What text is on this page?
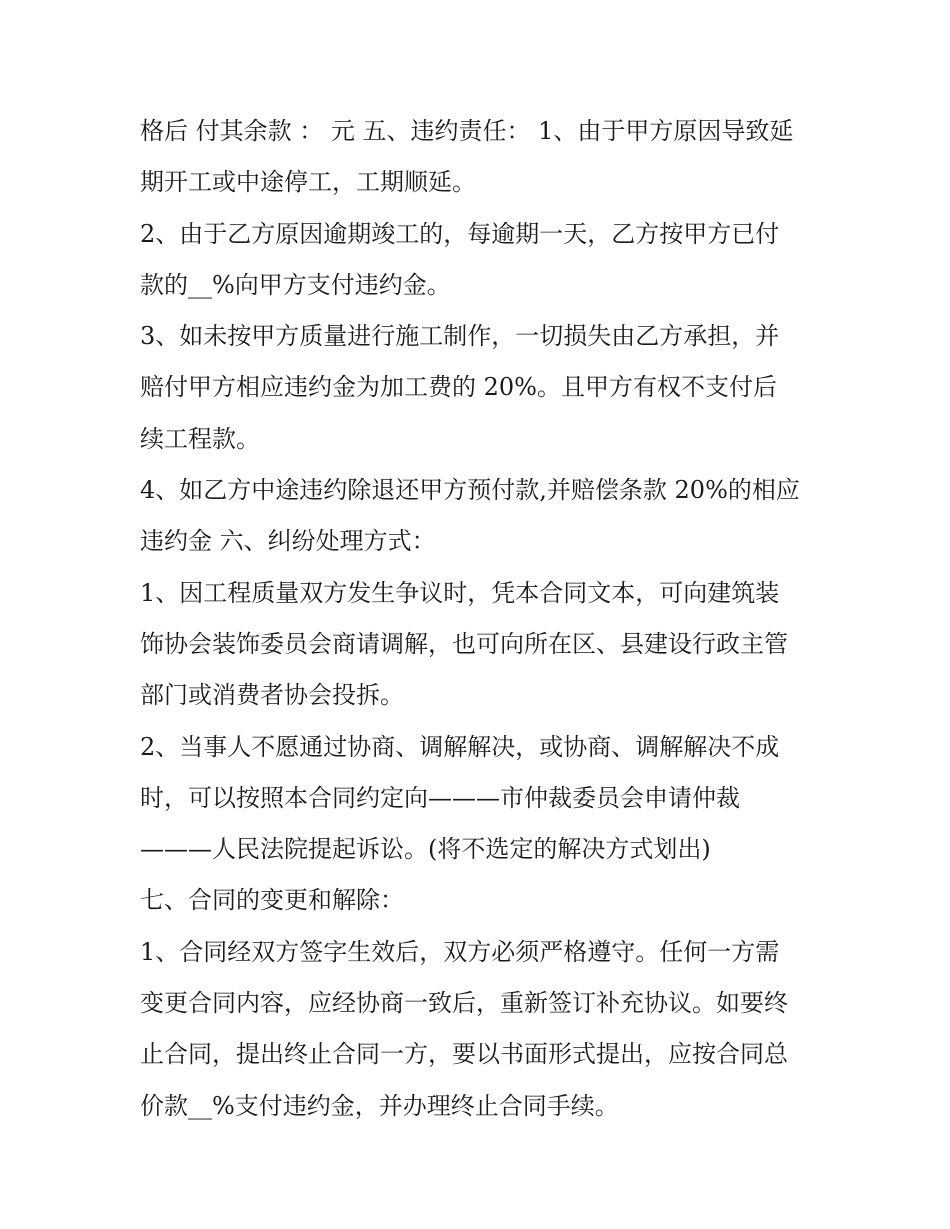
格后 付其余款 ： 元 五、违约责任： 1、由于甲方原因导致延
期开工或中途停工，工期顺延。
2、由于乙方原因逾期竣工的，每逾期一天，乙方按甲方已付
款的__%向甲方支付违约金。
3、如未按甲方质量进行施工制作，一切损失由乙方承担，并
赔付甲方相应违约金为加工费的 20%。且甲方有权不支付后
续工程款。
4、如乙方中途违约除退还甲方预付款,并赔偿条款 20%的相应
违约金 六、纠纷处理方式：
1、因工程质量双方发生争议时，凭本合同文本，可向建筑装
饰协会装饰委员会商请调解，也可向所在区、县建设行政主管
部门或消费者协会投拆。
2、当事人不愿通过协商、调解解决，或协商、调解解决不成
时，可以按照本合同约定向———市仲裁委员会申请仲裁
———人民法院提起诉讼。(将不选定的解决方式划出)
七、合同的变更和解除：
1、合同经双方签字生效后，双方必须严格遵守。任何一方需
变更合同内容，应经协商一致后，重新签订补充协议。如要终
止合同，提出终止合同一方，要以书面形式提出，应按合同总
价款__%支付违约金，并办理终止合同手续。
